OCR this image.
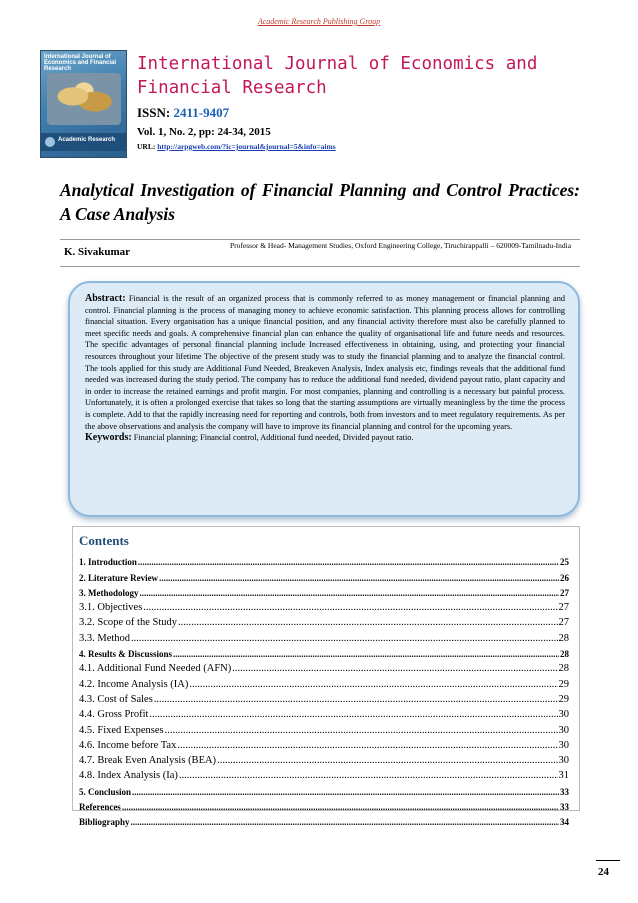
Academic Research Publishing Group
International Journal of Economics and Financial Research
Academic Research
International Journal of Economics and Financial Research
ISSN: 2411-9407
Vol. 1, No. 2, pp: 24-34, 2015
URL: http://arpgweb.com/?ic=journal&journal=5&info=aims
Analytical Investigation of Financial Planning and Control Practices: A Case Analysis
K. Sivakumar
Professor & Head- Management Studies, Oxford Engineering College, Tiruchirappalli – 620009-Tamilnadu-India
Abstract: Financial is the result of an organized process that is commonly referred to as money management or financial planning and control. Financial planning is the process of managing money to achieve economic satisfaction. This planning process allows for controlling financial situation. Every organisation has a unique financial position, and any financial activity therefore must also be carefully planned to meet specific needs and goals. A comprehensive financial plan can enhance the quality of organisational life and future needs and resources. The specific advantages of personal financial planning include Increased effectiveness in obtaining, using, and protecting your financial resources throughout your lifetime The objective of the present study was to study the financial planning and to analyze the financial control. The tools applied for this study are Additional Fund Needed, Breakeven Analysis, Index analysis etc, findings reveals that the additional fund needed was increased during the study period. The company has to reduce the additional fund needed, dividend payout ratio, plant capacity and in order to increase the retained earnings and profit margin. For most companies, planning and controlling is a necessary but painful process. Unfortunately, it is often a prolonged exercise that takes so long that the starting assumptions are virtually meaningless by the time the process is complete. Add to that the rapidly increasing need for reporting and controls, both from investors and to meet regulatory requirements. As per the above observations and analysis the company will have to improve its financial planning and control for the upcoming years.
Keywords: Financial planning; Financial control, Additional fund needed, Divided payout ratio.
Contents
1. Introduction .....	25
2. Literature Review .....	26
3. Methodology .....	27
3.1. Objectives .....	27
3.2. Scope of the Study .....	27
3.3. Method .....	28
4. Results & Discussions .....	28
4.1. Additional Fund Needed (AFN) .....	28
4.2. Income Analysis (IA) .....	29
4.3. Cost of Sales .....	29
4.4. Gross Profit .....	30
4.5. Fixed Expenses .....	30
4.6. Income before Tax .....	30
4.7. Break Even Analysis (BEA) .....	30
4.8. Index Analysis (Ia) .....	31
5. Conclusion .....	33
References .....	33
Bibliography .....	34
24
